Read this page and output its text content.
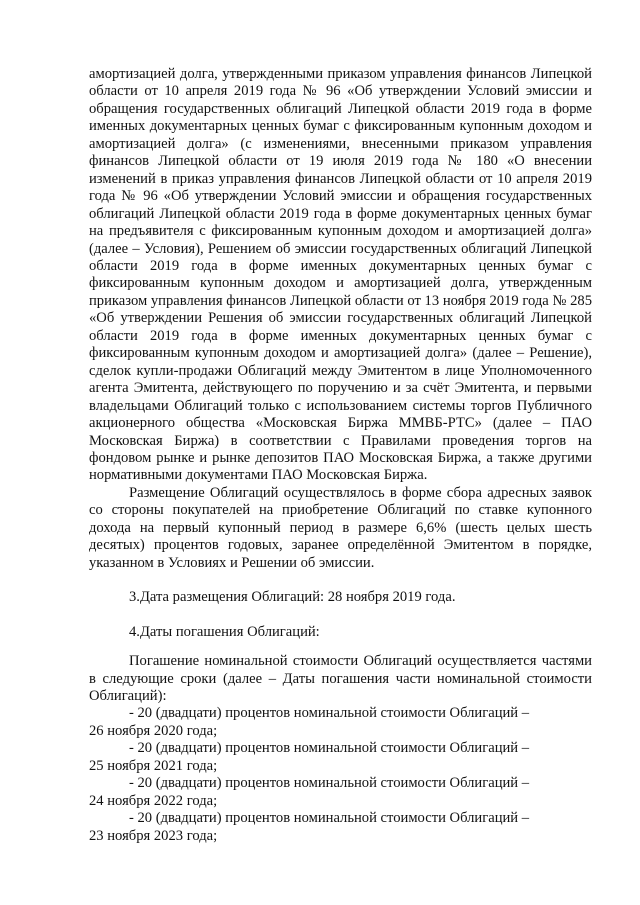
амортизацией долга, утвержденными приказом управления финансов Липецкой области от 10 апреля 2019 года № 96 «Об утверждении Условий эмиссии и обращения государственных облигаций Липецкой области 2019 года в форме именных документарных ценных бумаг с фиксированным купонным доходом и амортизацией долга» (с изменениями, внесенными приказом управления финансов Липецкой области от 19 июля 2019 года № 180 «О внесении изменений в приказ управления финансов Липецкой области от 10 апреля 2019 года № 96 «Об утверждении Условий эмиссии и обращения государственных облигаций Липецкой области 2019 года в форме документарных ценных бумаг на предъявителя с фиксированным купонным доходом и амортизацией долга» (далее – Условия), Решением об эмиссии государственных облигаций Липецкой области 2019 года в форме именных документарных ценных бумаг с фиксированным купонным доходом и амортизацией долга, утвержденным приказом управления финансов Липецкой области от 13 ноября 2019 года № 285 «Об утверждении Решения об эмиссии государственных облигаций Липецкой области 2019 года в форме именных документарных ценных бумаг с фиксированным купонным доходом и амортизацией долга» (далее – Решение), сделок купли-продажи Облигаций между Эмитентом в лице Уполномоченного агента Эмитента, действующего по поручению и за счёт Эмитента, и первыми владельцами Облигаций только с использованием системы торгов Публичного акционерного общества «Московская Биржа ММВБ-РТС» (далее – ПАО Московская Биржа) в соответствии с Правилами проведения торгов на фондовом рынке и рынке депозитов ПАО Московская Биржа, а также другими нормативными документами ПАО Московская Биржа.

Размещение Облигаций осуществлялось в форме сбора адресных заявок со стороны покупателей на приобретение Облигаций по ставке купонного дохода на первый купонный период в размере 6,6% (шесть целых шесть десятых) процентов годовых, заранее определённой Эмитентом в порядке, указанном в Условиях и Решении об эмиссии.

3.Дата размещения Облигаций: 28 ноября 2019 года.

4.Даты погашения Облигаций:

Погашение номинальной стоимости Облигаций осуществляется частями в следующие сроки (далее – Даты погашения части номинальной стоимости Облигаций):

- 20 (двадцати) процентов номинальной стоимости Облигаций –

26 ноября 2020 года;

- 20 (двадцати) процентов номинальной стоимости Облигаций –

25 ноября 2021 года;

- 20 (двадцати) процентов номинальной стоимости Облигаций –

24 ноября 2022 года;

- 20 (двадцати) процентов номинальной стоимости Облигаций –

23 ноября 2023 года;
